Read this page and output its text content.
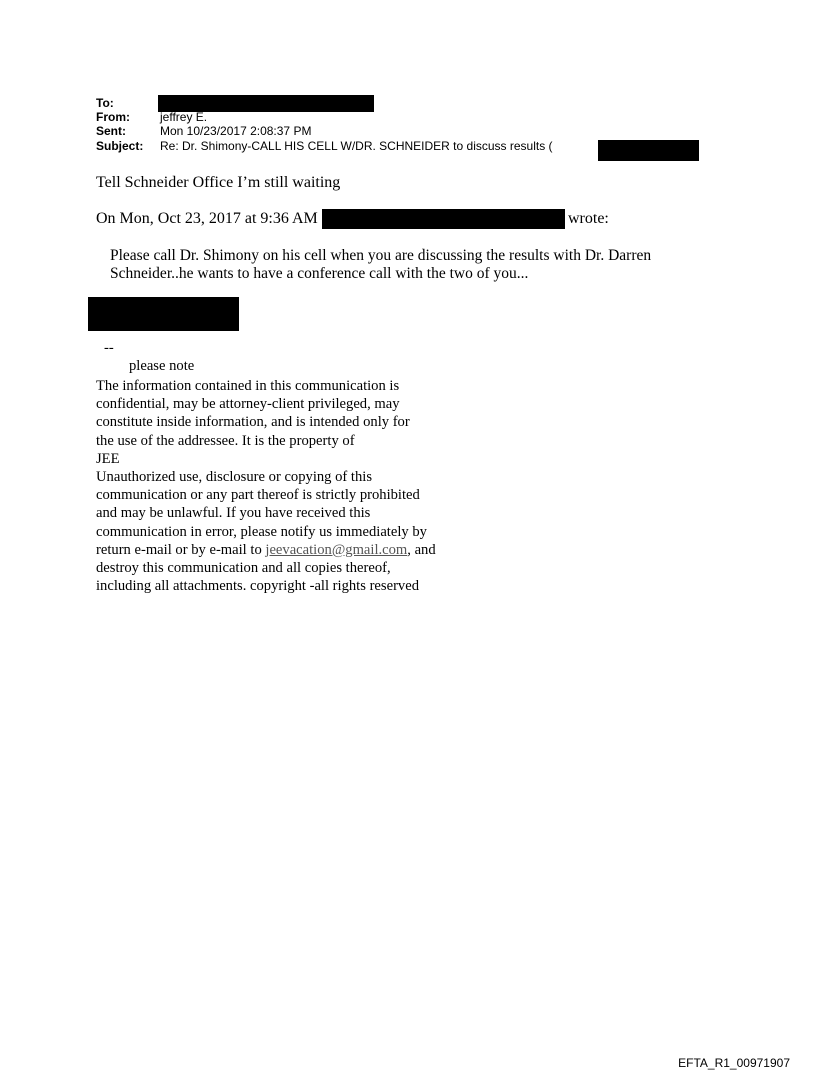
To:
From:	jeffrey E.
Sent:	Mon 10/23/2017 2:08:37 PM
Subject: Re: Dr. Shimony-CALL HIS CELL W/DR. SCHNEIDER to discuss results (
Tell Schneider Office I’m still waiting
On Mon, Oct 23, 2017 at 9:36 AM	wrote:
Please call Dr. Shimony on his cell when you are discussing the results with Dr. Darren
Schneider..he wants to have a conference call with the two of you...
--
please note
The information contained in this communication is
confidential, may be attorney-client privileged, may
constitute inside information, and is intended only for
the use of the addressee. It is the property of
JEE
Unauthorized use, disclosure or copying of this
communication or any part thereof is strictly prohibited
and may be unlawful. If you have received this
communication in error, please notify us immediately by
return e-mail or by e-mail to jeevacation@gmail.com, and
destroy this communication and all copies thereof,
including all attachments. copyright -all rights reserved
EFTA_R1_00971907
